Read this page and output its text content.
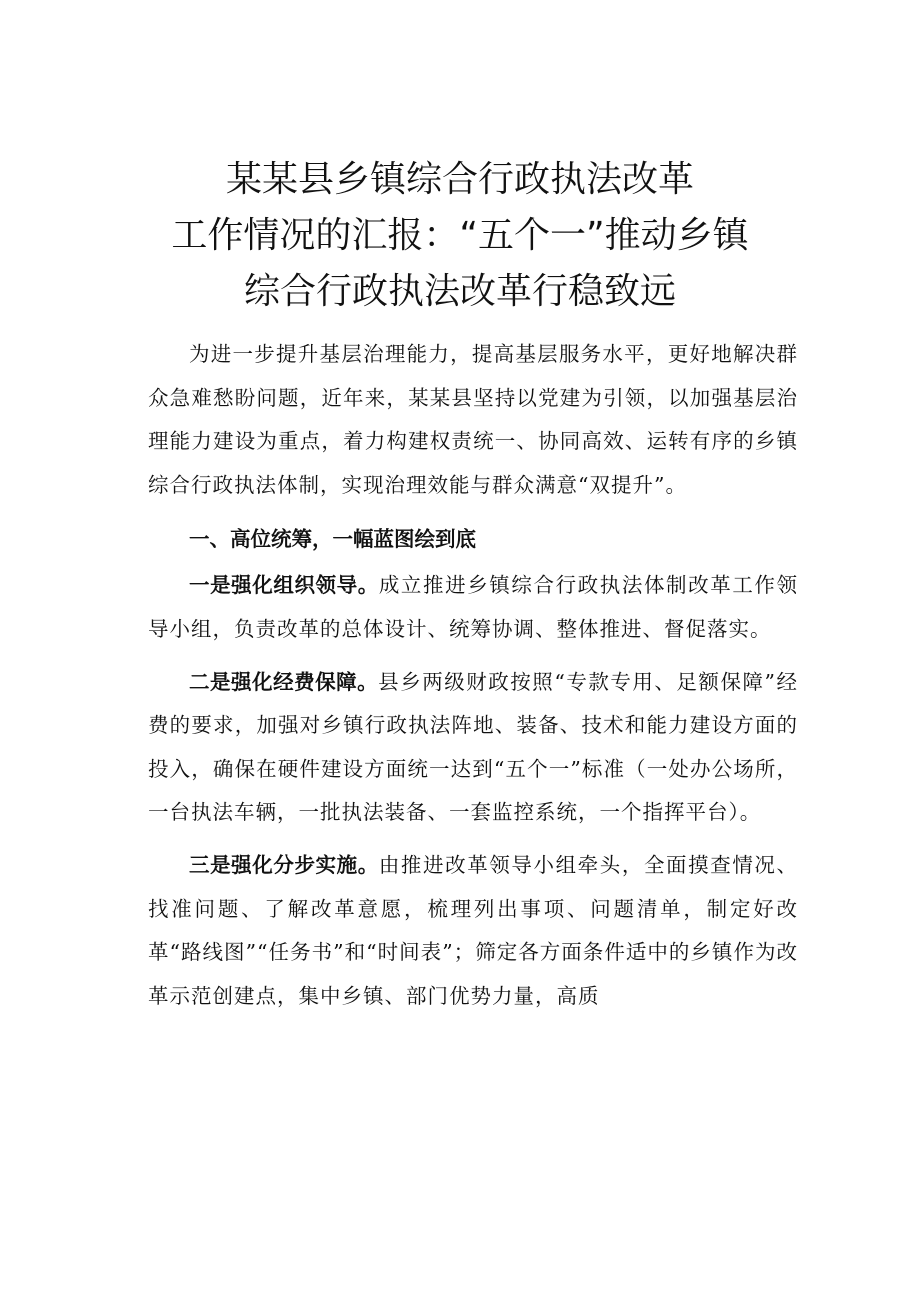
某某县乡镇综合行政执法改革
工作情况的汇报：“五个一”推动乡镇
综合行政执法改革行稳致远

为进一步提升基层治理能力，提高基层服务水平，更好地解决群众急难愁盼问题，近年来，某某县坚持以党建为引领，以加强基层治理能力建设为重点，着力构建权责统一、协同高效、运转有序的乡镇综合行政执法体制，实现治理效能与群众满意“双提升”。

一、高位统筹，一幅蓝图绘到底

一是强化组织领导。成立推进乡镇综合行政执法体制改革工作领导小组，负责改革的总体设计、统筹协调、整体推进、督促落实。

二是强化经费保障。县乡两级财政按照“专款专用、足额保障”经费的要求，加强对乡镇行政执法阵地、装备、技术和能力建设方面的投入，确保在硬件建设方面统一达到“五个一”标准（一处办公场所，一台执法车辆，一批执法装备、一套监控系统，一个指挥平台）。

三是强化分步实施。由推进改革领导小组牵头，全面摸查情况、找准问题、了解改革意愿，梳理列出事项、问题清单，制定好改革“路线图”“任务书”和“时间表”；筛定各方面条件适中的乡镇作为改革示范创建点，集中乡镇、部门优势力量，高质
